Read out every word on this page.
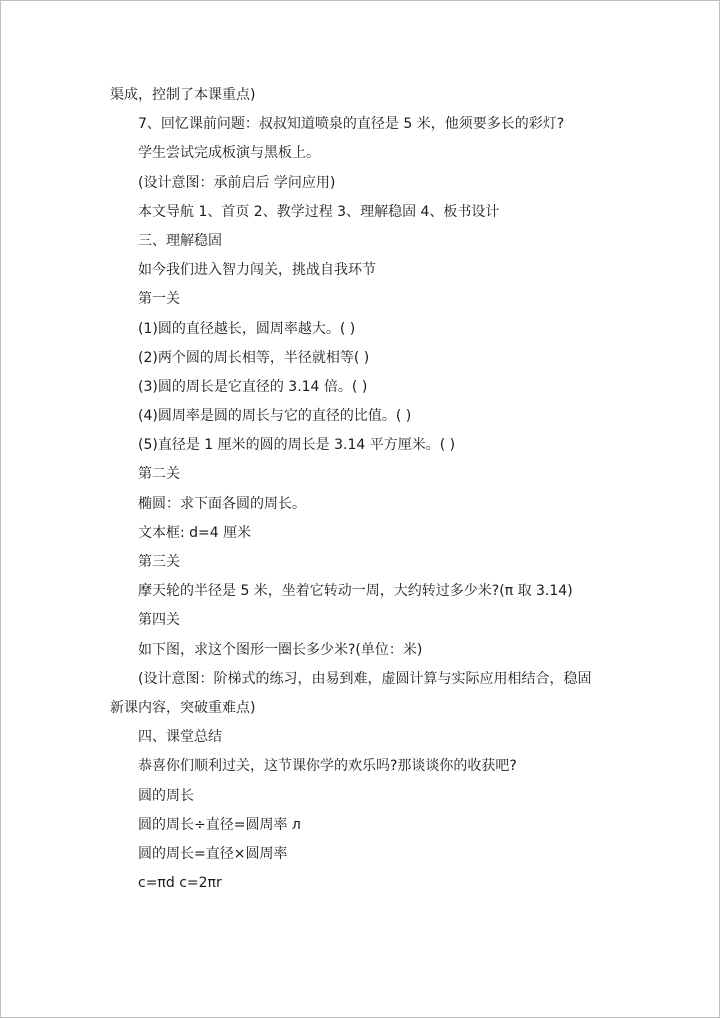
渠成，控制了本课重点)
7、回忆课前问题：叔叔知道喷泉的直径是 5 米，他须要多长的彩灯?
学生尝试完成板演与黑板上。
(设计意图：承前启后 学问应用)
本文导航 1、首页 2、教学过程 3、理解稳固 4、板书设计
三、理解稳固
如今我们进入智力闯关，挑战自我环节
第一关
(1)圆的直径越长，圆周率越大。( )
(2)两个圆的周长相等，半径就相等( )
(3)圆的周长是它直径的 3.14 倍。( )
(4)圆周率是圆的周长与它的直径的比值。( )
(5)直径是 1 厘米的圆的周长是 3.14 平方厘米。( )
第二关
椭圆：求下面各圆的周长。
文本框: d=4 厘米
第三关
摩天轮的半径是 5 米，坐着它转动一周，大约转过多少米?(π 取 3.14)
第四关
如下图，求这个图形一圈长多少米?(单位：米)
(设计意图：阶梯式的练习，由易到难，虚圆计算与实际应用相结合，稳固
新课内容，突破重难点)
四、课堂总结
恭喜你们顺利过关，这节课你学的欢乐吗?那谈谈你的收获吧?
圆的周长
圆的周长÷直径=圆周率 л
圆的周长=直径×圆周率
c=πd c=2πr
